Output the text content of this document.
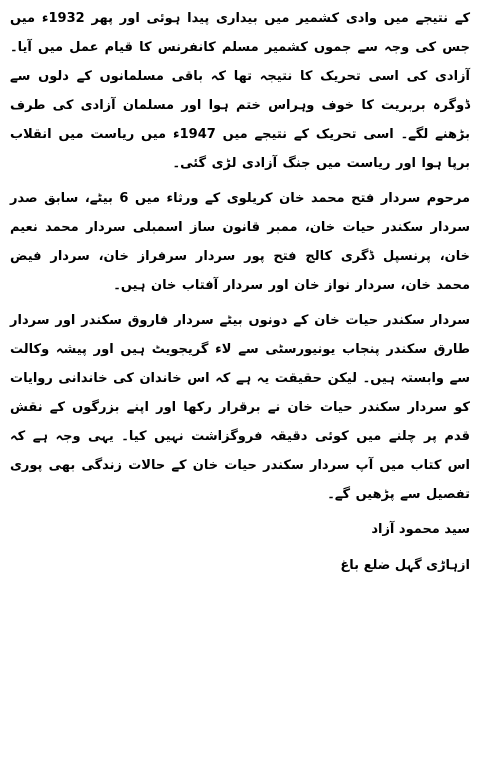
کے نتیجے میں وادی کشمیر میں بیداری پیدا ہوئی اور پھر 1932ء میں جس کی وجہ سے جموں کشمیر مسلم کانفرنس کا قیام عمل میں آیا۔ آزادی کی اسی تحریک کا نتیجہ تھا کہ باقی مسلمانوں کے دلوں سے ڈوگرہ بربریت کا خوف وہراس ختم ہوا اور مسلمان آزادی کی طرف بڑھنے لگے۔ اسی تحریک کے نتیجے میں 1947ء میں ریاست میں انقلاب برپا ہوا اور ریاست میں جنگ آزادی لڑی گئی۔

مرحوم سردار فتح محمد خان کریلوی کے ورثاء میں 6 بیٹے، سابق صدر سردار سکندر حیات خان، ممبر قانون ساز اسمبلی سردار محمد نعیم خان، پرنسپل ڈگری کالج فتح پور سردار سرفراز خان، سردار فیض محمد خان، سردار نواز خان اور سردار آفتاب خان ہیں۔

سردار سکندر حیات خان کے دونوں بیٹے سردار فاروق سکندر اور سردار طارق سکندر پنجاب یونیورسٹی سے لاء گریجویٹ ہیں اور پیشہ وکالت سے وابستہ ہیں۔ لیکن حقیقت یہ ہے کہ اس خاندان کی خاندانی روایات کو سردار سکندر حیات خان نے برقرار رکھا اور اپنے بزرگوں کے نقش قدم پر چلنے میں کوئی دقیقہ فروگزاشت نہیں کیا۔ یہی وجہ ہے کہ اس کتاب میں آپ سردار سکندر حیات خان کے حالات زندگی بھی پوری تفصیل سے پڑھیں گے۔

سید محمود آزاد
ازہاڑی گہل ضلع باغ
